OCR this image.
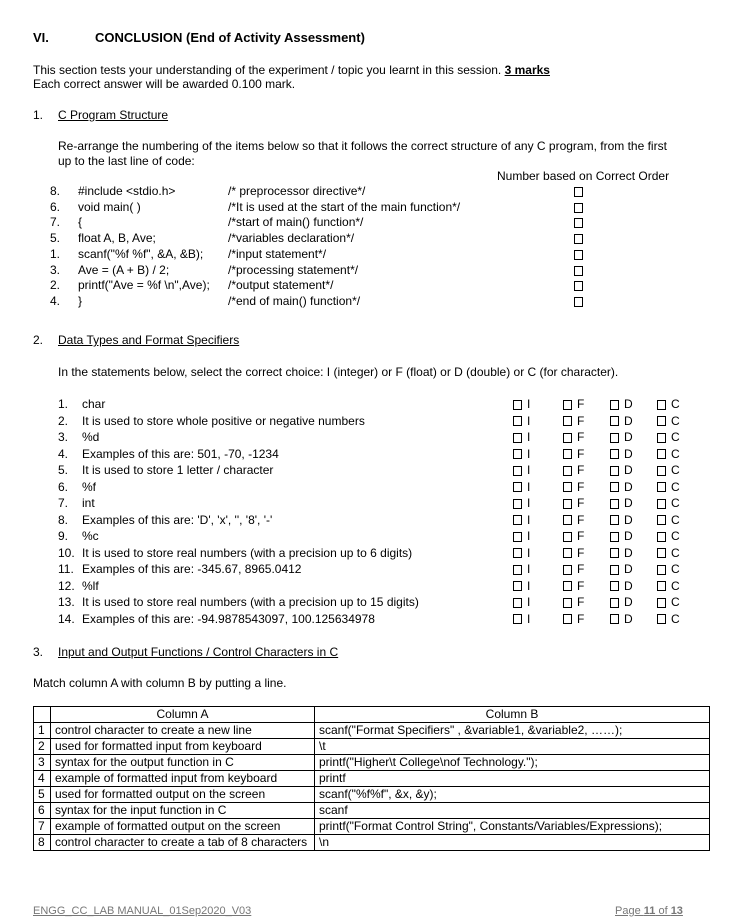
VI.	CONCLUSION (End of Activity Assessment)
This section tests your understanding of the experiment / topic you learnt in this session. 3 marks
Each correct answer will be awarded 0.100 mark.
1. C Program Structure
Re-arrange the numbering of the items below so that it follows the correct structure of any C program, from the first
up to the last line of code:
Number based on Correct Order
8. #include <stdio.h>	/* preprocessor directive*/
6. void main( )	/*It is used at the start of the main function*/
7. {	/*start of main() function*/
5. float A, B, Ave;	/*variables declaration*/
1. scanf("%f %f", &A, &B); /*input statement*/
3. Ave = (A + B) / 2;	/*processing statement*/
2. printf("Ave = %f \n",Ave); /*output statement*/
4. }	/*end of main() function*/
2. Data Types and Format Specifiers
In the statements below, select the correct choice: I (integer) or F (float) or D (double) or C (for character).
1. char	I	F	D	C
2. It is used to store whole positive or negative numbers	I	F	D	C
3. %d	I	F	D	C
4. Examples of this are: 501, -70, -1234	I	F	D	C
5. It is used to store 1 letter / character	I	F	D	C
6. %f	I	F	D	C
7. int	I	F	D	C
8. Examples of this are: 'D', 'x', '', '8', '-'	I	F	D	C
9. %c	I	F	D	C
10. It is used to store real numbers (with a precision up to 6 digits)	I	F	D	C
11. Examples of this are: -345.67, 8965.0412	I	F	D	C
12. %lf	I	F	D	C
13. It is used to store real numbers (with a precision up to 15 digits)	I	F	D	C
14. Examples of this are: -94.9878543097, 100.125634978	I	F	D	C
3. Input and Output Functions / Control Characters in C
Match column A with column B by putting a line.
	Column A	Column B
1	control character to create a new line	scanf("Format Specifiers" , &variable1, &variable2, ……);
2	used for formatted input from keyboard	\t
3	syntax for the output function in C	printf("Higher\t College\nof Technology.");
4	example of formatted input from keyboard	printf
5	used for formatted output on the screen	scanf("%f%f", &x, &y);
6	syntax for the input function in C	scanf
7	example of formatted output on the screen	printf("Format Control String", Constants/Variables/Expressions);
8	control character to create a tab of 8 characters	\n
ENGG_CC_LAB MANUAL_01Sep2020_V03	Page 11 of 13
